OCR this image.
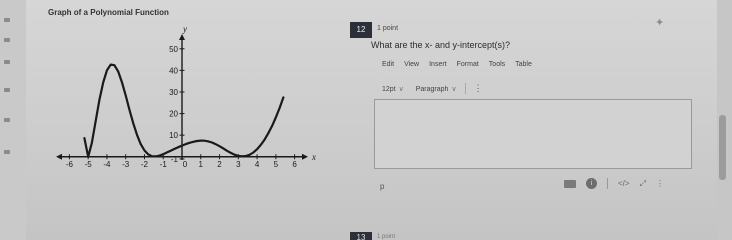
Graph of a Polynomial Function
x
y
-6 -5 -4 -3 -2 -1 0 1 2 3 4 5 6
-1
10
20
30
40
50
12	1 point	✦
What are the x- and y-intercept(s)?
Edit View Insert Format Tools Table
12pt ∨ Paragraph ∨ ⋮
p	i	</> ⤢ ⋮
13	1 point
